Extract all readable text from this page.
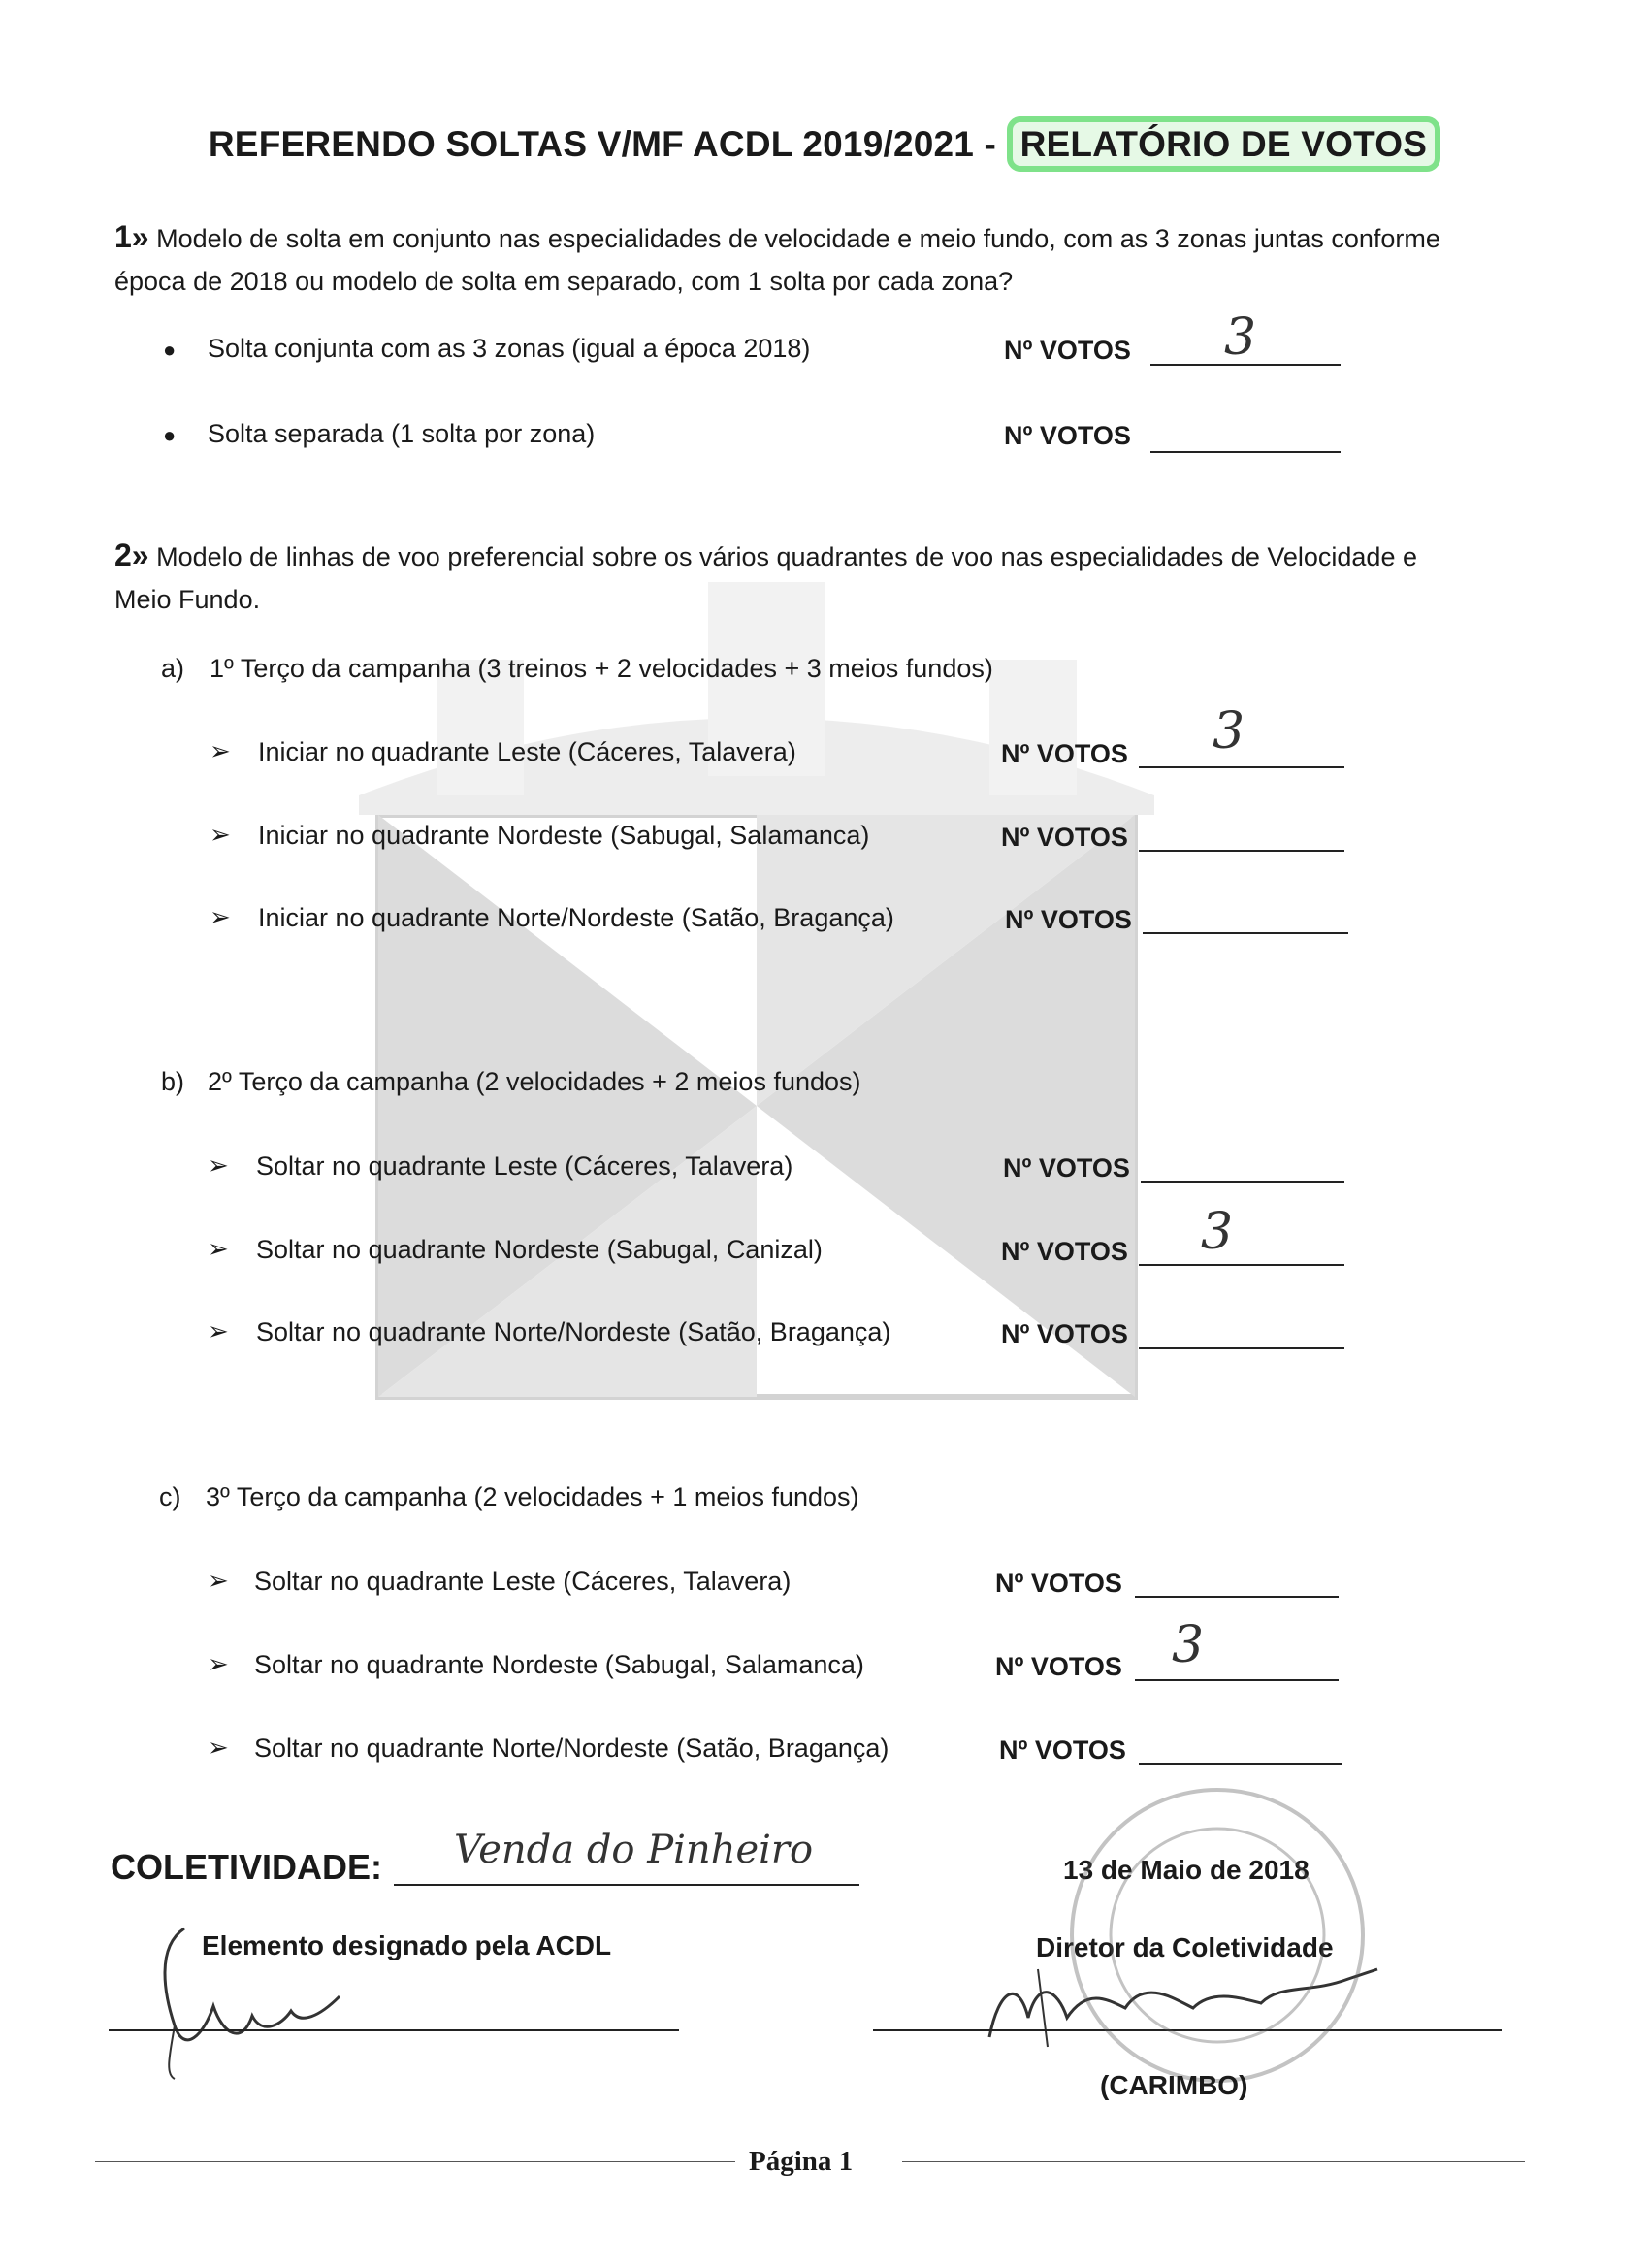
REFERENDO SOLTAS V/MF ACDL 2019/2021 - RELATÓRIO DE VOTOS
1» Modelo de solta em conjunto nas especialidades de velocidade e meio fundo, com as 3 zonas juntas conforme
época de 2018 ou modelo de solta em separado, com 1 solta por cada zona?
● Solta conjunta com as 3 zonas (igual a época 2018)	Nº VOTOS 3
● Solta separada (1 solta por zona)	Nº VOTOS
2» Modelo de linhas de voo preferencial sobre os vários quadrantes de voo nas especialidades de Velocidade e
Meio Fundo.
a) 1º Terço da campanha (3 treinos + 2 velocidades + 3 meios fundos)
➢ Iniciar no quadrante Leste (Cáceres, Talavera)	Nº VOTOS 3
➢ Iniciar no quadrante Nordeste (Sabugal, Salamanca)	Nº VOTOS
➢ Iniciar no quadrante Norte/Nordeste (Satão, Bragança)	Nº VOTOS
b) 2º Terço da campanha (2 velocidades + 2 meios fundos)
➢ Soltar no quadrante Leste (Cáceres, Talavera)	Nº VOTOS
➢ Soltar no quadrante Nordeste (Sabugal, Canizal)	Nº VOTOS 3
➢ Soltar no quadrante Norte/Nordeste (Satão, Bragança)	Nº VOTOS
c) 3º Terço da campanha (2 velocidades + 1 meios fundos)
➢ Soltar no quadrante Leste (Cáceres, Talavera)	Nº VOTOS
➢ Soltar no quadrante Nordeste (Sabugal, Salamanca)	Nº VOTOS 3
➢ Soltar no quadrante Norte/Nordeste (Satão, Bragança)	Nº VOTOS
COLETIVIDADE: Venda do Pinheiro	13 de Maio de 2018
Elemento designado pela ACDL	Diretor da Coletividade
(CARIMBO)
Página 1
